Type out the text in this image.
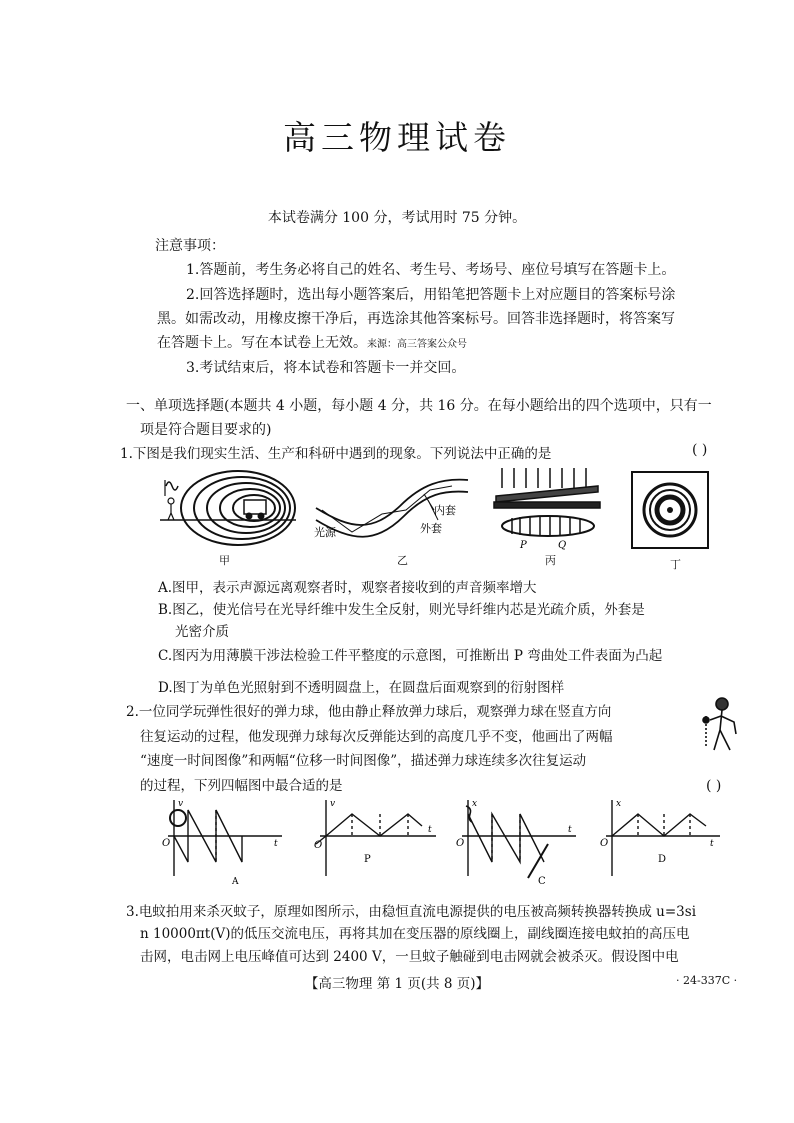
高三物理试卷
本试卷满分 100 分，考试用时 75 分钟。
注意事项：
1.答题前，考生务必将自己的姓名、考生号、考场号、座位号填写在答题卡上。
2.回答选择题时，选出每小题答案后，用铅笔把答题卡上对应题目的答案标号涂
黑。如需改动，用橡皮擦干净后，再选涂其他答案标号。回答非选择题时，将答案写
在答题卡上。写在本试卷上无效。来源：高三答案公众号
3.考试结束后，将本试卷和答题卡一并交回。
一、单项选择题(本题共 4 小题，每小题 4 分，共 16 分。在每小题给出的四个选项中，只有一
项是符合题目要求的)
1.下图是我们现实生活、生产和科研中遇到的现象。下列说法中正确的是	( )
甲
光源
内套
外套
乙
P	Q
丙	丁
A.图甲，表示声源远离观察者时，观察者接收到的声音频率增大
B.图乙，使光信号在光导纤维中发生全反射，则光导纤维内芯是光疏介质，外套是
光密介质
C.图丙为用薄膜干涉法检验工件平整度的示意图，可推断出 P 弯曲处工件表面为凸起
D.图丁为单色光照射到不透明圆盘上，在圆盘后面观察到的衍射图样
2.一位同学玩弹性很好的弹力球，他由静止释放弹力球后，观察弹力球在竖直方向
往复运动的过程，他发现弹力球每次反弹能达到的高度几乎不变，他画出了两幅
“速度一时间图像”和两幅“位移一时间图像”，描述弹力球连续多次往复运动
的过程，下列四幅图中最合适的是	( )
v
O	t
A
v
O
t
P
x
O
t
C
x
O	t
D
3.电蚊拍用来杀灭蚊子，原理如图所示，由稳恒直流电源提供的电压被高频转换器转换成 u=3si
n 10000πt(V)的低压交流电压，再将其加在变压器的原线圈上，副线圈连接电蚊拍的高压电
击网，电击网上电压峰值可达到 2400 V，一旦蚊子触碰到电击网就会被杀灭。假设图中电
【高三物理 第 1 页(共 8 页)】	· 24-337C ·
